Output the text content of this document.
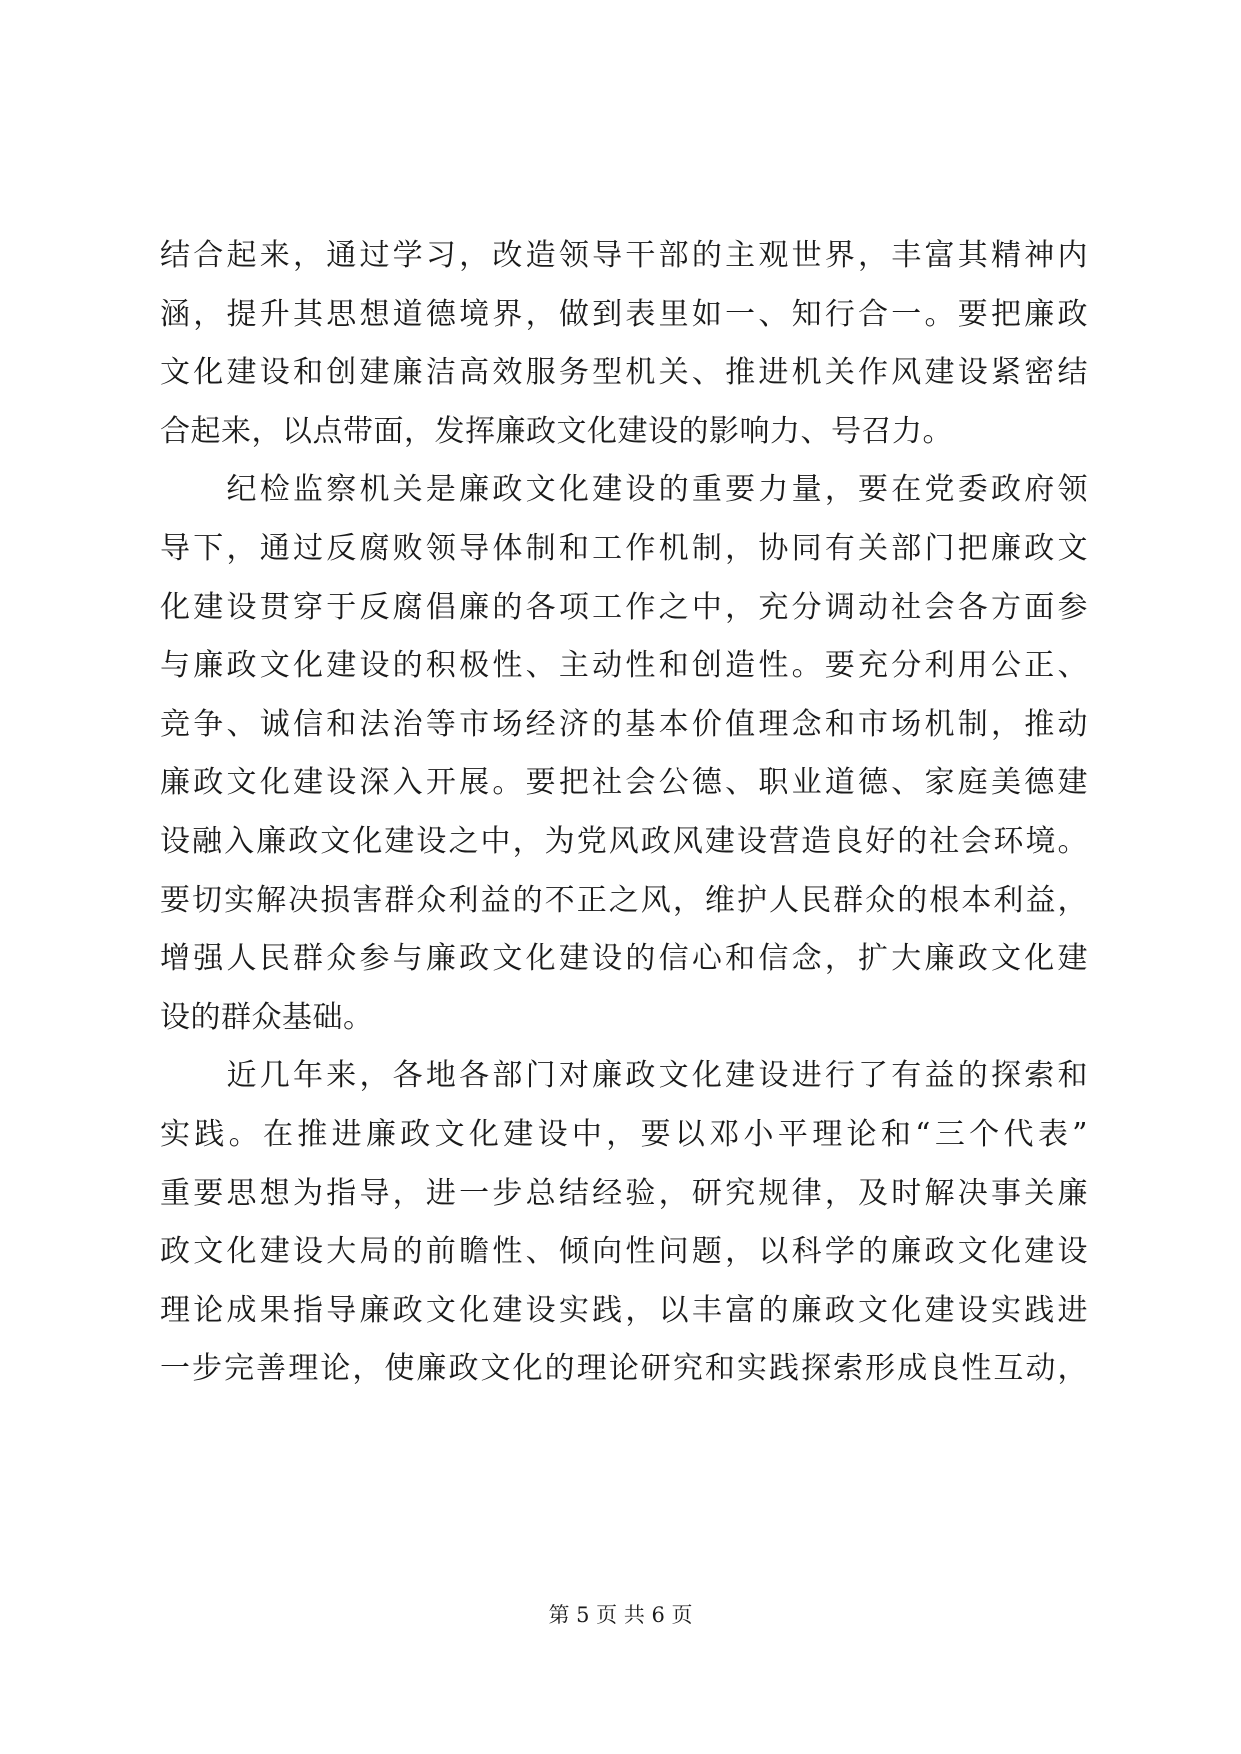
结合起来，通过学习，改造领导干部的主观世界，丰富其精神内
涵，提升其思想道德境界，做到表里如一、知行合一。要把廉政
文化建设和创建廉洁高效服务型机关、推进机关作风建设紧密结
合起来，以点带面，发挥廉政文化建设的影响力、号召力。
　　纪检监察机关是廉政文化建设的重要力量，要在党委政府领
导下，通过反腐败领导体制和工作机制，协同有关部门把廉政文
化建设贯穿于反腐倡廉的各项工作之中，充分调动社会各方面参
与廉政文化建设的积极性、主动性和创造性。要充分利用公正、
竞争、诚信和法治等市场经济的基本价值理念和市场机制，推动
廉政文化建设深入开展。要把社会公德、职业道德、家庭美德建
设融入廉政文化建设之中，为党风政风建设营造良好的社会环境。
要切实解决损害群众利益的不正之风，维护人民群众的根本利益，
增强人民群众参与廉政文化建设的信心和信念，扩大廉政文化建
设的群众基础。
　　近几年来，各地各部门对廉政文化建设进行了有益的探索和
实践。在推进廉政文化建设中，要以邓小平理论和“三个代表”
重要思想为指导，进一步总结经验，研究规律，及时解决事关廉
政文化建设大局的前瞻性、倾向性问题，以科学的廉政文化建设
理论成果指导廉政文化建设实践，以丰富的廉政文化建设实践进
一步完善理论，使廉政文化的理论研究和实践探索形成良性互动，
第 5 页 共 6 页
